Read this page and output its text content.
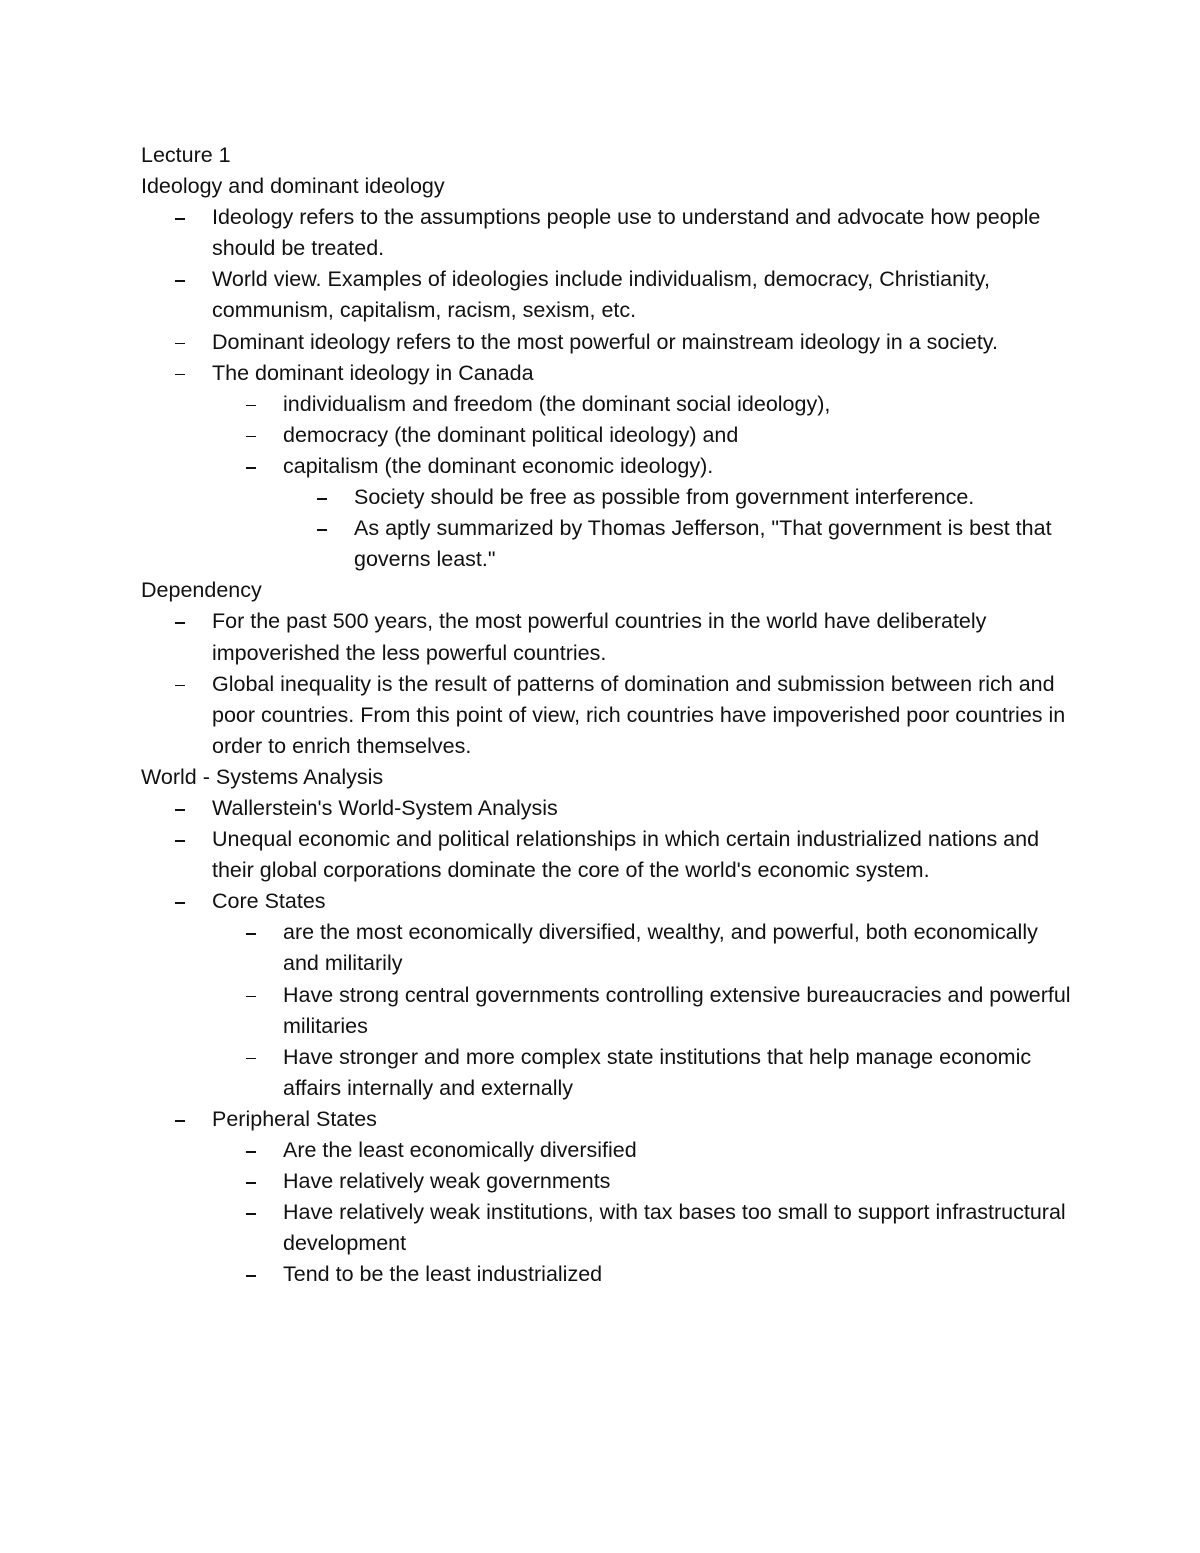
Lecture 1
Ideology and dominant ideology
Ideology refers to the assumptions people use to understand and advocate how people should be treated.
World view. Examples of ideologies include individualism, democracy, Christianity, communism, capitalism, racism, sexism, etc.
Dominant ideology refers to the most powerful or mainstream ideology in a society.
The dominant ideology in Canada
individualism and freedom (the dominant social ideology),
democracy (the dominant political ideology) and
capitalism (the dominant economic ideology).
Society should be free as possible from government interference.
As aptly summarized by Thomas Jefferson, "That government is best that governs least."
Dependency
For the past 500 years, the most powerful countries in the world have deliberately impoverished the less powerful countries.
Global inequality is the result of patterns of domination and submission between rich and poor countries. From this point of view, rich countries have impoverished poor countries in order to enrich themselves.
World - Systems Analysis
Wallerstein's World-System Analysis
Unequal economic and political relationships in which certain industrialized nations and their global corporations dominate the core of the world's economic system.
Core States
are the most economically diversified, wealthy, and powerful, both economically and militarily
Have strong central governments controlling extensive bureaucracies and powerful militaries
Have stronger and more complex state institutions that help manage economic affairs internally and externally
Peripheral States
Are the least economically diversified
Have relatively weak governments
Have relatively weak institutions, with tax bases too small to support infrastructural development
Tend to be the least industrialized
